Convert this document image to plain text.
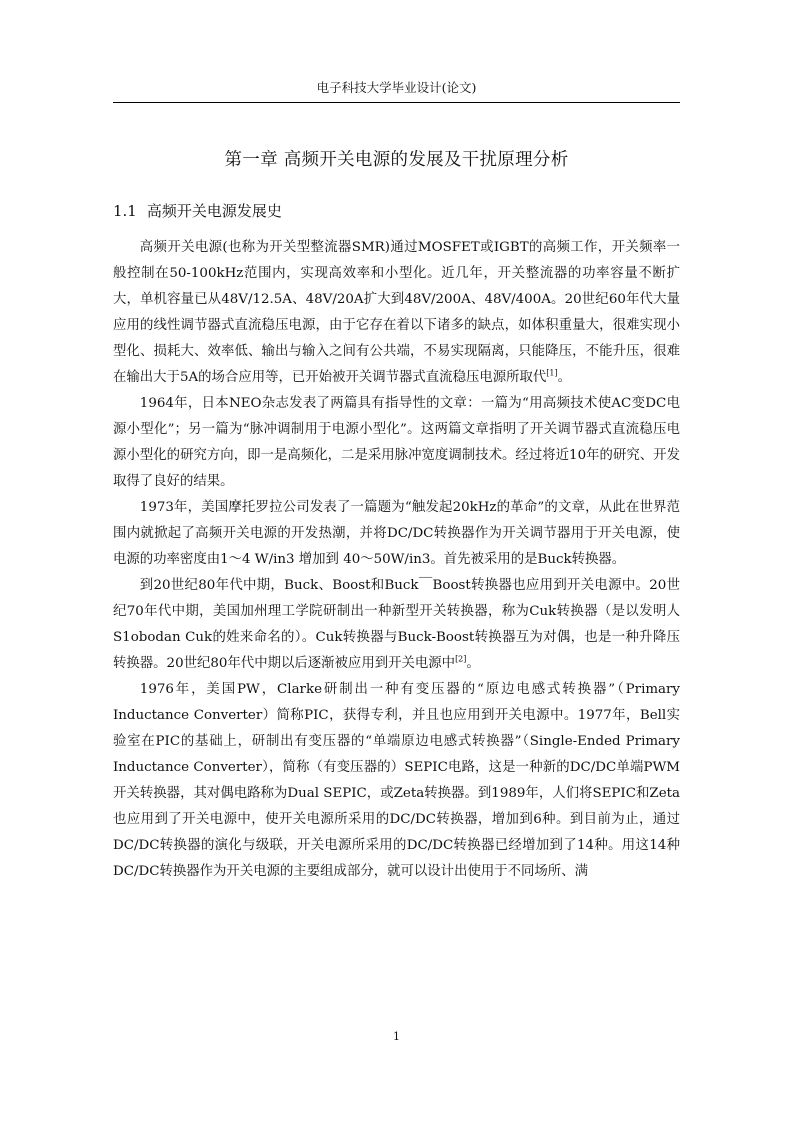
电子科技大学毕业设计(论文)
第一章 高频开关电源的发展及干扰原理分析
1.1 高频开关电源发展史

高频开关电源(也称为开关型整流器SMR)通过MOSFET或IGBT的高频工作，开关频率一般控制在50-100kHz范围内，实现高效率和小型化。近几年，开关整流器的功率容量不断扩大，单机容量已从48V/12.5A、48V/20A扩大到48V/200A、48V/400A。20世纪60年代大量应用的线性调节器式直流稳压电源，由于它存在着以下诸多的缺点，如体积重量大，很难实现小型化、损耗大、效率低、输出与输入之间有公共端，不易实现隔离，只能降压，不能升压，很难在输出大于5A的场合应用等，已开始被开关调节器式直流稳压电源所取代[1]。

1964年，日本NEO杂志发表了两篇具有指导性的文章：一篇为“用高频技术使AC变DC电源小型化”；另一篇为“脉冲调制用于电源小型化”。这两篇文章指明了开关调节器式直流稳压电源小型化的研究方向，即一是高频化，二是采用脉冲宽度调制技术。经过将近10年的研究、开发取得了良好的结果。

1973年，美国摩托罗拉公司发表了一篇题为“触发起20kHz的革命”的文章，从此在世界范围内就掀起了高频开关电源的开发热潮，并将DC/DC转换器作为开关调节器用于开关电源，使电源的功率密度由1～4 W/in3 增加到 40～50W/in3。首先被采用的是Buck转换器。

到20世纪80年代中期，Buck、Boost和Buck￣Boost转换器也应用到开关电源中。20世纪70年代中期，美国加州理工学院研制出一种新型开关转换器，称为Cuk转换器（是以发明人S1obodan Cuk的姓来命名的）。Cuk转换器与Buck-Boost转换器互为对偶，也是一种升降压转换器。20世纪80年代中期以后逐渐被应用到开关电源中[2]。

1976年，美国PW，Clarke研制出一种有变压器的“原边电感式转换器”（Primary Inductance Converter）简称PIC，获得专利，并且也应用到开关电源中。1977年，Bell实验室在PIC的基础上，研制出有变压器的“单端原边电感式转换器”（Single-Ended Primary Inductance Converter），简称（有变压器的）SEPIC电路，这是一种新的DC/DC单端PWM开关转换器，其对偶电路称为Dual SEPIC，或Zeta转换器。到1989年，人们将SEPIC和Zeta也应用到了开关电源中，使开关电源所采用的DC/DC转换器，增加到6种。到目前为止，通过DC/DC转换器的演化与级联，开关电源所采用的DC/DC转换器已经增加到了14种。用这14种DC/DC转换器作为开关电源的主要组成部分，就可以设计出使用于不同场所、满

1
